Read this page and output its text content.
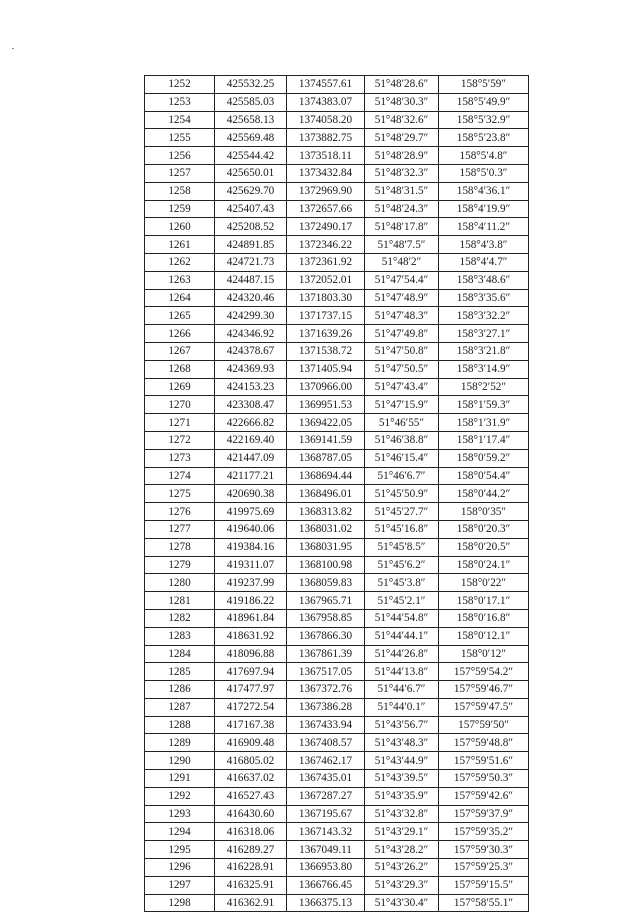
1252	425532.25	1374557.61	51°48′28.6″	158°5′59″
1253	425585.03	1374383.07	51°48′30.3″	158°5′49.9″
1254	425658.13	1374058.20	51°48′32.6″	158°5′32.9″
1255	425569.48	1373882.75	51°48′29.7″	158°5′23.8″
1256	425544.42	1373518.11	51°48′28.9″	158°5′4.8″
1257	425650.01	1373432.84	51°48′32.3″	158°5′0.3″
1258	425629.70	1372969.90	51°48′31.5″	158°4′36.1″
1259	425407.43	1372657.66	51°48′24.3″	158°4′19.9″
1260	425208.52	1372490.17	51°48′17.8″	158°4′11.2″
1261	424891.85	1372346.22	51°48′7.5″	158°4′3.8″
1262	424721.73	1372361.92	51°48′2″	158°4′4.7″
1263	424487.15	1372052.01	51°47′54.4″	158°3′48.6″
1264	424320.46	1371803.30	51°47′48.9″	158°3′35.6″
1265	424299.30	1371737.15	51°47′48.3″	158°3′32.2″
1266	424346.92	1371639.26	51°47′49.8″	158°3′27.1″
1267	424378.67	1371538.72	51°47′50.8″	158°3′21.8″
1268	424369.93	1371405.94	51°47′50.5″	158°3′14.9″
1269	424153.23	1370966.00	51°47′43.4″	158°2′52″
1270	423308.47	1369951.53	51°47′15.9″	158°1′59.3″
1271	422666.82	1369422.05	51°46′55″	158°1′31.9″
1272	422169.40	1369141.59	51°46′38.8″	158°1′17.4″
1273	421447.09	1368787.05	51°46′15.4″	158°0′59.2″
1274	421177.21	1368694.44	51°46′6.7″	158°0′54.4″
1275	420690.38	1368496.01	51°45′50.9″	158°0′44.2″
1276	419975.69	1368313.82	51°45′27.7″	158°0′35″
1277	419640.06	1368031.02	51°45′16.8″	158°0′20.3″
1278	419384.16	1368031.95	51°45′8.5″	158°0′20.5″
1279	419311.07	1368100.98	51°45′6.2″	158°0′24.1″
1280	419237.99	1368059.83	51°45′3.8″	158°0′22″
1281	419186.22	1367965.71	51°45′2.1″	158°0′17.1″
1282	418961.84	1367958.85	51°44′54.8″	158°0′16.8″
1283	418631.92	1367866.30	51°44′44.1″	158°0′12.1″
1284	418096.88	1367861.39	51°44′26.8″	158°0′12″
1285	417697.94	1367517.05	51°44′13.8″	157°59′54.2″
1286	417477.97	1367372.76	51°44′6.7″	157°59′46.7″
1287	417272.54	1367386.28	51°44′0.1″	157°59′47.5″
1288	417167.38	1367433.94	51°43′56.7″	157°59′50″
1289	416909.48	1367408.57	51°43′48.3″	157°59′48.8″
1290	416805.02	1367462.17	51°43′44.9″	157°59′51.6″
1291	416637.02	1367435.01	51°43′39.5″	157°59′50.3″
1292	416527.43	1367287.27	51°43′35.9″	157°59′42.6″
1293	416430.60	1367195.67	51°43′32.8″	157°59′37.9″
1294	416318.06	1367143.32	51°43′29.1″	157°59′35.2″
1295	416289.27	1367049.11	51°43′28.2″	157°59′30.3″
1296	416228.91	1366953.80	51°43′26.2″	157°59′25.3″
1297	416325.91	1366766.45	51°43′29.3″	157°59′15.5″
1298	416362.91	1366375.13	51°43′30.4″	157°58′55.1″
